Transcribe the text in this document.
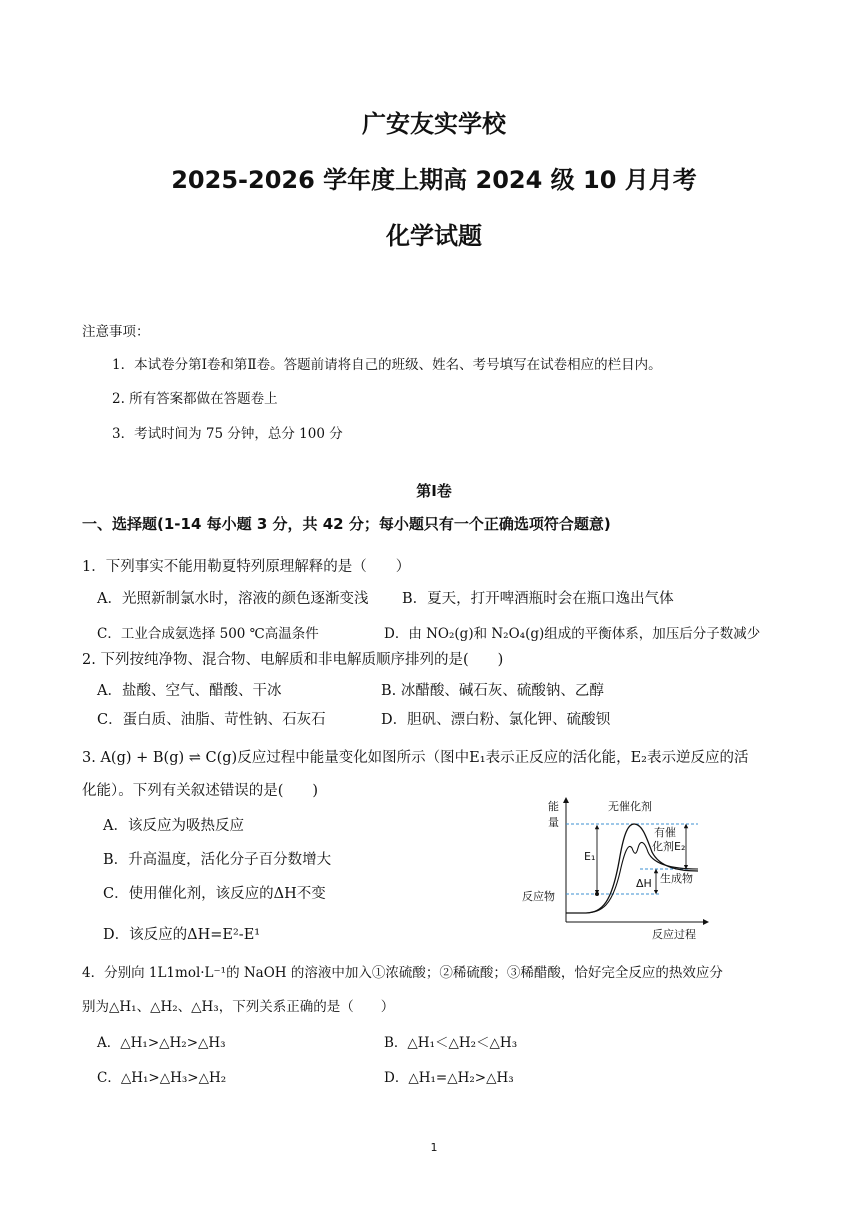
广安友实学校
2025-2026 学年度上期高 2024 级 10 月月考
化学试题
注意事项：
1．本试卷分第Ⅰ卷和第Ⅱ卷。答题前请将自己的班级、姓名、考号填写在试卷相应的栏目内。
2. 所有答案都做在答题卷上
3．考试时间为 75 分钟，总分 100 分
第Ⅰ卷
一、选择题(1-14 每小题 3 分，共 42 分；每小题只有一个正确选项符合题意)
1．下列事实不能用勒夏特列原理解释的是（　　）
A．光照新制氯水时，溶液的颜色逐渐变浅 B．夏天，打开啤酒瓶时会在瓶口逸出气体
C．工业合成氨选择 500 ℃高温条件	D．由 NO₂(g)和 N₂O₄(g)组成的平衡体系，加压后分子数减少
2. 下列按纯净物、混合物、电解质和非电解质顺序排列的是(　　)
A．盐酸、空气、醋酸、干冰	B. 冰醋酸、碱石灰、硫酸钠、乙醇
C．蛋白质、油脂、苛性钠、石灰石	D．胆矾、漂白粉、氯化钾、硫酸钡
3. A(g) + B(g) ⇌ C(g)反应过程中能量变化如图所示（图中E₁表示正反应的活化能，E₂表示逆反应的活
化能）。下列有关叙述错误的是(　　)
A．该反应为吸热反应
B．升高温度，活化分子百分数增大
C．使用催化剂，该反应的ΔH不变
D．该反应的ΔH=E²-E¹
能
量
无催化剂
有催
化剂E₂
E₁
ΔH 生成物
反应物
反应过程
4．分别向 1L1mol·L⁻¹的 NaOH 的溶液中加入①浓硫酸；②稀硫酸；③稀醋酸，恰好完全反应的热效应分
别为△H₁、△H₂、△H₃，下列关系正确的是（　　）
A．△H₁>△H₂>△H₃	B．△H₁＜△H₂＜△H₃
C．△H₁>△H₃>△H₂	D．△H₁=△H₂>△H₃
1
